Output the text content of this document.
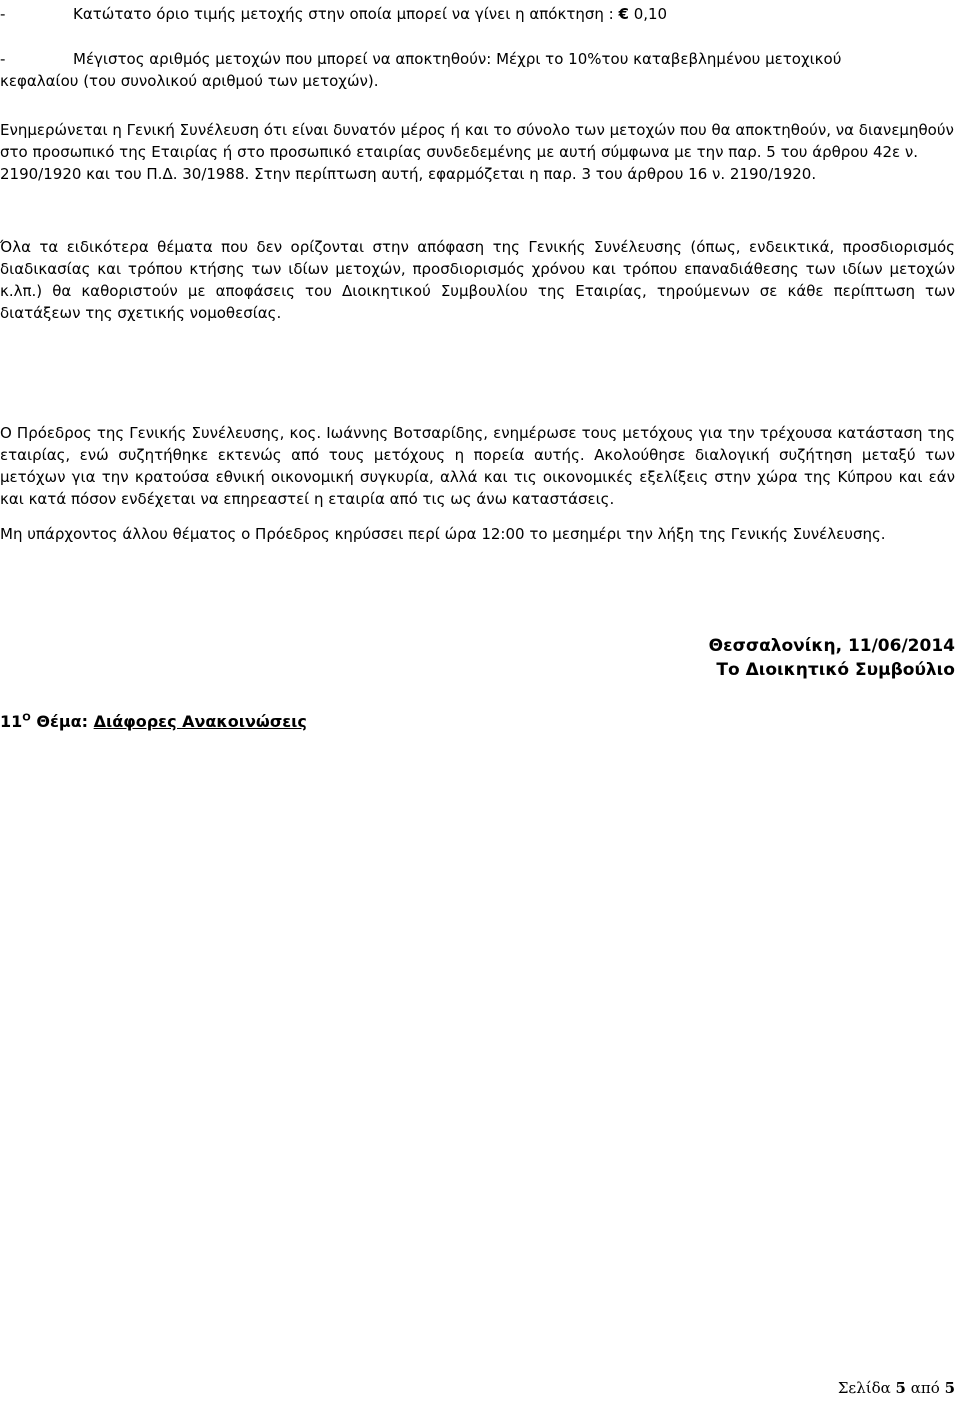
-	Κατώτατο όριο τιμής μετοχής στην οποία μπορεί να γίνει η απόκτηση : € 0,10
-	Μέγιστος αριθμός μετοχών που μπορεί να αποκτηθούν: Μέχρι το 10%του καταβεβλημένου μετοχικού
κεφαλαίου (του συνολικού αριθμού των μετοχών).
Ενημερώνεται η Γενική Συνέλευση ότι είναι δυνατόν μέρος ή και το σύνολο των μετοχών που θα αποκτηθούν, να διανεμηθούν στο προσωπικό της Εταιρίας ή στο προσωπικό εταιρίας συνδεδεμένης με αυτή σύμφωνα με την παρ. 5 του άρθρου 42ε ν. 2190/1920 και του Π.Δ. 30/1988. Στην περίπτωση αυτή, εφαρμόζεται η παρ. 3 του άρθρου 16 ν. 2190/1920.
Όλα τα ειδικότερα θέματα που δεν ορίζονται στην απόφαση της Γενικής Συνέλευσης (όπως, ενδεικτικά, προσδιορισμός διαδικασίας και τρόπου κτήσης των ιδίων μετοχών, προσδιορισμός χρόνου και τρόπου επαναδιάθεσης των ιδίων μετοχών κ.λπ.) θα καθοριστούν με αποφάσεις του Διοικητικού Συμβουλίου της Εταιρίας, τηρούμενων σε κάθε περίπτωση των διατάξεων της σχετικής νομοθεσίας.
$11^O$ Θέμα: Διάφορες Ανακοινώσεις
Ο Πρόεδρος της Γενικής Συνέλευσης, κος. Ιωάννης Βοτσαρίδης, ενημέρωσε τους μετόχους για την τρέχουσα κατάσταση της εταιρίας, ενώ συζητήθηκε εκτενώς από τους μετόχους η πορεία αυτής. Ακολούθησε διαλογική συζήτηση μεταξύ των μετόχων για την κρατούσα εθνική οικονομική συγκυρία, αλλά και τις οικονομικές εξελίξεις στην χώρα της Κύπρου και εάν και κατά πόσον ενδέχεται να επηρεαστεί η εταιρία από τις ως άνω καταστάσεις.
Μη υπάρχοντος άλλου θέματος ο Πρόεδρος κηρύσσει περί ώρα 12:00 το μεσημέρι την λήξη της Γενικής Συνέλευσης.
Θεσσαλονίκη, 11/06/2014
Το Διοικητικό Συμβούλιο
Σελίδα 5 από 5
